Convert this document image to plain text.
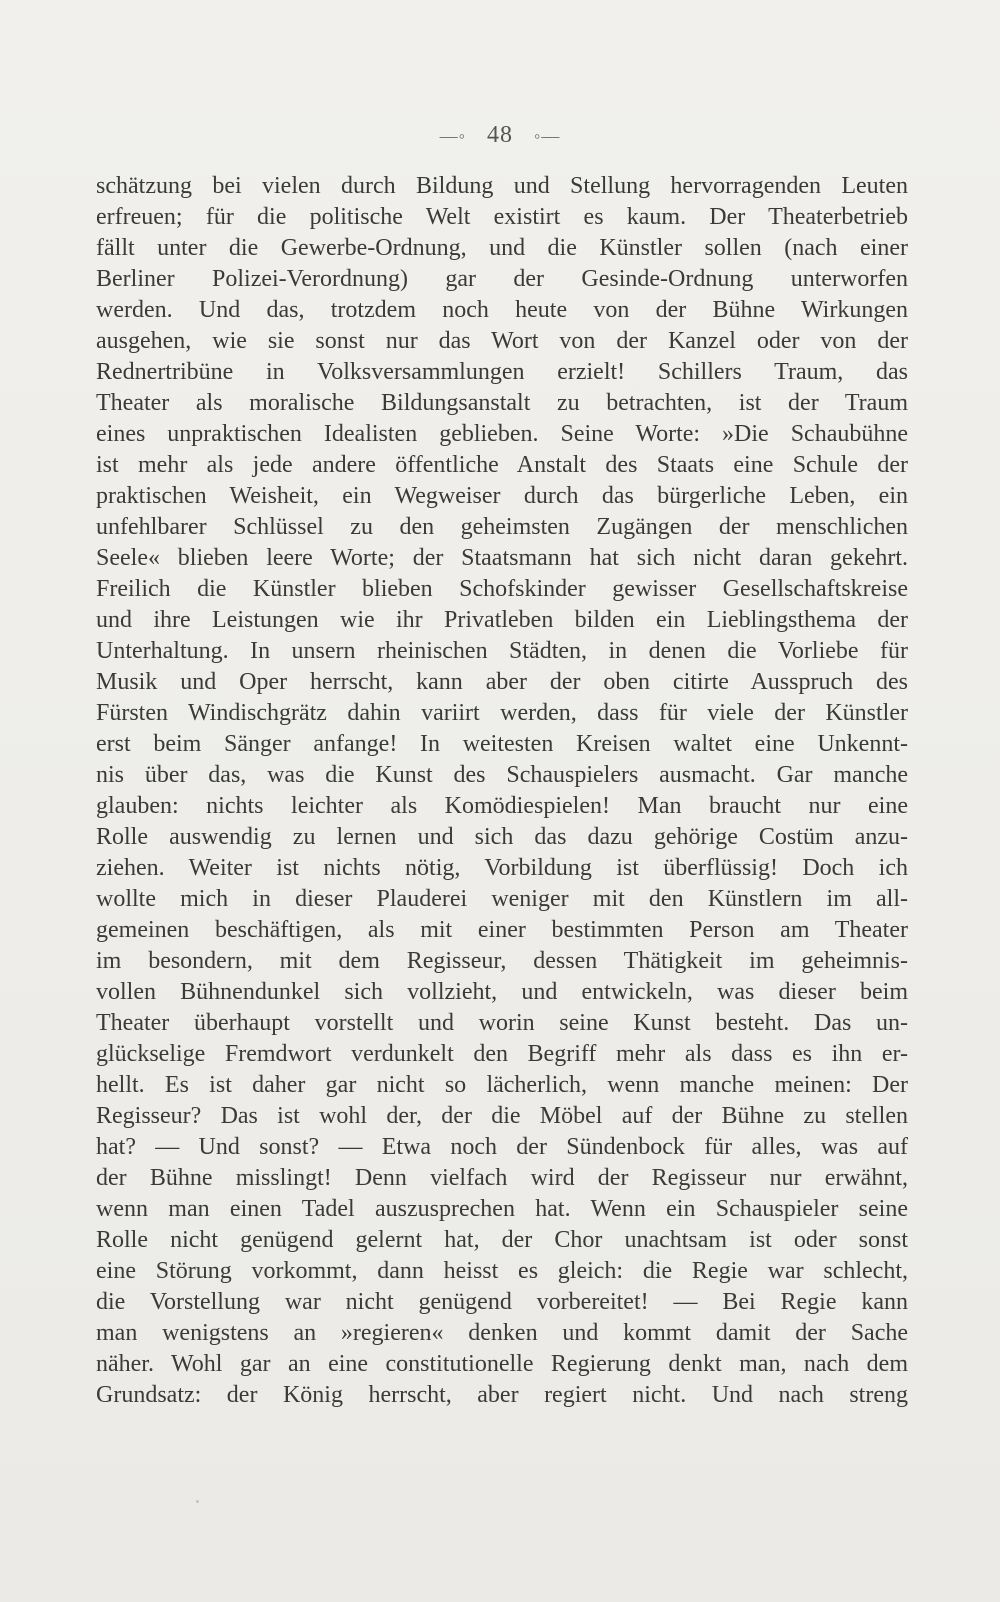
—◦ 48 ◦—
schätzung bei vielen durch Bildung und Stellung hervorragenden Leuten
erfreuen; für die politische Welt existirt es kaum. Der Theaterbetrieb
fällt unter die Gewerbe-Ordnung, und die Künstler sollen (nach einer
Berliner Polizei-Verordnung) gar der Gesinde-Ordnung unterworfen
werden. Und das, trotzdem noch heute von der Bühne Wirkungen
ausgehen, wie sie sonst nur das Wort von der Kanzel oder von der
Rednertribüne in Volksversammlungen erzielt! Schillers Traum, das
Theater als moralische Bildungsanstalt zu betrachten, ist der Traum
eines unpraktischen Idealisten geblieben. Seine Worte: »Die Schaubühne
ist mehr als jede andere öffentliche Anstalt des Staats eine Schule der
praktischen Weisheit, ein Wegweiser durch das bürgerliche Leben, ein
unfehlbarer Schlüssel zu den geheimsten Zugängen der menschlichen
Seele« blieben leere Worte; der Staatsmann hat sich nicht daran gekehrt.
Freilich die Künstler blieben Schofskinder gewisser Gesellschaftskreise
und ihre Leistungen wie ihr Privatleben bilden ein Lieblingsthema der
Unterhaltung. In unsern rheinischen Städten, in denen die Vorliebe für
Musik und Oper herrscht, kann aber der oben citirte Ausspruch des
Fürsten Windischgrätz dahin variirt werden, dass für viele der Künstler
erst beim Sänger anfange! In weitesten Kreisen waltet eine Unkennt-
nis über das, was die Kunst des Schauspielers ausmacht. Gar manche
glauben: nichts leichter als Komödiespielen! Man braucht nur eine
Rolle auswendig zu lernen und sich das dazu gehörige Costüm anzu-
ziehen. Weiter ist nichts nötig, Vorbildung ist überflüssig! Doch ich
wollte mich in dieser Plauderei weniger mit den Künstlern im all-
gemeinen beschäftigen, als mit einer bestimmten Person am Theater
im besondern, mit dem Regisseur, dessen Thätigkeit im geheimnis-
vollen Bühnendunkel sich vollzieht, und entwickeln, was dieser beim
Theater überhaupt vorstellt und worin seine Kunst besteht. Das un-
glückselige Fremdwort verdunkelt den Begriff mehr als dass es ihn er-
hellt. Es ist daher gar nicht so lächerlich, wenn manche meinen: Der
Regisseur? Das ist wohl der, der die Möbel auf der Bühne zu stellen
hat? — Und sonst? — Etwa noch der Sündenbock für alles, was auf
der Bühne misslingt! Denn vielfach wird der Regisseur nur erwähnt,
wenn man einen Tadel auszusprechen hat. Wenn ein Schauspieler seine
Rolle nicht genügend gelernt hat, der Chor unachtsam ist oder sonst
eine Störung vorkommt, dann heisst es gleich: die Regie war schlecht,
die Vorstellung war nicht genügend vorbereitet! — Bei Regie kann
man wenigstens an »regieren« denken und kommt damit der Sache
näher. Wohl gar an eine constitutionelle Regierung denkt man, nach dem
Grundsatz: der König herrscht, aber regiert nicht. Und nach streng
